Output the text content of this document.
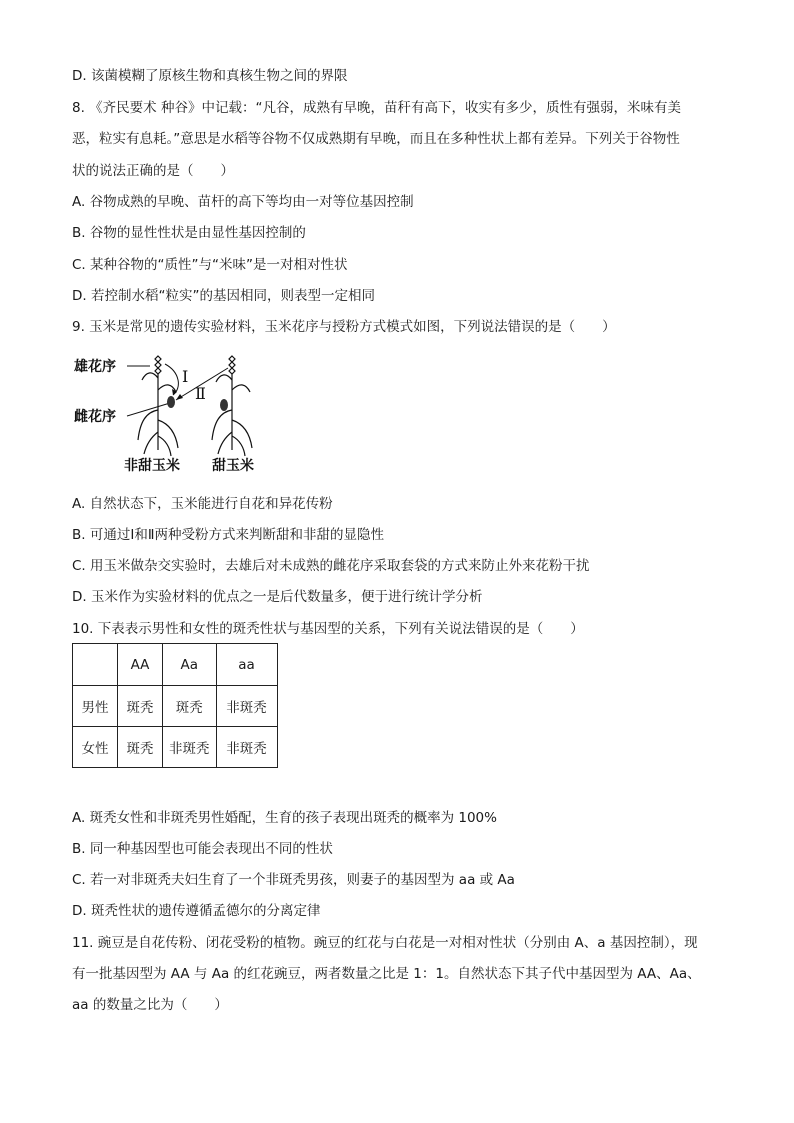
D. 该菌模糊了原核生物和真核生物之间的界限
8. 《齐民要术 种谷》中记载：“凡谷，成熟有早晚，苗秆有高下，收实有多少，质性有强弱，米味有美
恶，粒实有息耗。”意思是水稻等谷物不仅成熟期有早晚，而且在多种性状上都有差异。下列关于谷物性
状的说法正确的是（　　）
A. 谷物成熟的早晚、苗杆的高下等均由一对等位基因控制
B. 谷物的显性性状是由显性基因控制的
C. 某种谷物的“质性”与“米味”是一对相对性状
D. 若控制水稻“粒实”的基因相同，则表型一定相同
9. 玉米是常见的遗传实验材料，玉米花序与授粉方式模式如图，下列说法错误的是（　　）
雄花序
雌花序
Ⅰ
Ⅱ
非甜玉米 甜玉米
A. 自然状态下，玉米能进行自花和异花传粉
B. 可通过Ⅰ和Ⅱ两种受粉方式来判断甜和非甜的显隐性
C. 用玉米做杂交实验时，去雄后对未成熟的雌花序采取套袋的方式来防止外来花粉干扰
D. 玉米作为实验材料的优点之一是后代数量多，便于进行统计学分析
10. 下表表示男性和女性的斑秃性状与基因型的关系，下列有关说法错误的是（　　）
	AA	Aa	aa
男性	斑秃	斑秃	非斑秃
女性	斑秃	非斑秃	非斑秃
A. 斑秃女性和非斑秃男性婚配，生育的孩子表现出斑秃的概率为 100%
B. 同一种基因型也可能会表现出不同的性状
C. 若一对非斑秃夫妇生育了一个非斑秃男孩，则妻子的基因型为 aa 或 Aa
D. 斑秃性状的遗传遵循孟德尔的分离定律
11. 豌豆是自花传粉、闭花受粉的植物。豌豆的红花与白花是一对相对性状（分别由 A、a 基因控制），现
有一批基因型为 AA 与 Aa 的红花豌豆，两者数量之比是 1：1。自然状态下其子代中基因型为 AA、Aa、
aa 的数量之比为（　　）
